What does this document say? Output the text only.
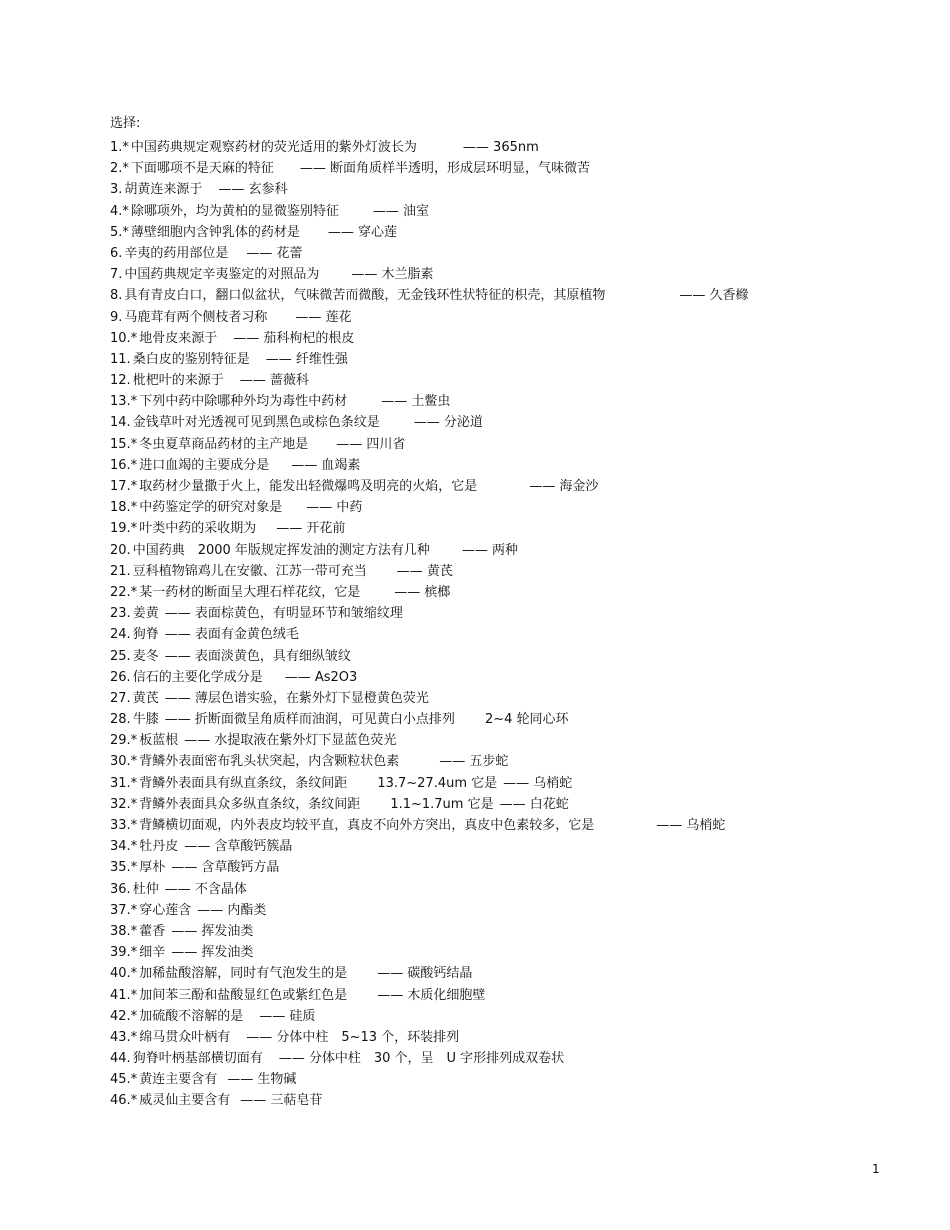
选择:
1.* 中国药典规定观察药材的荧光适用的紫外灯波长为	—— 365nm
2.* 下面哪项不是天麻的特征 —— 断面角质样半透明，形成层环明显，气味微苦
3. 胡黄连来源于 —— 玄参科
4.* 除哪项外，均为黄柏的显微鉴别特征	—— 油室
5.* 薄壁细胞内含钟乳体的药材是 —— 穿心莲
6. 辛夷的药用部位是 —— 花蕾
7. 中国药典规定辛夷鉴定的对照品为 —— 木兰脂素
8. 具有青皮白口，翻口似盆状，气味微苦而微酸，无金钱环性状特征的枳壳，其原植物	—— 久香橼
9. 马鹿茸有两个侧枝者习称 —— 莲花
10.* 地骨皮来源于 —— 茄科枸杞的根皮
11. 桑白皮的鉴别特征是 —— 纤维性强
12. 枇杷叶的来源于 —— 蔷薇科
13.* 下列中药中除哪种外均为毒性中药材	—— 土鳖虫
14. 金钱草叶对光透视可见到黑色或棕色条纹是	—— 分泌道
15.* 冬虫夏草商品药材的主产地是 —— 四川省
16.* 进口血竭的主要成分是 —— 血竭素
17.* 取药材少量撒于火上，能发出轻微爆鸣及明亮的火焰，它是	—— 海金沙
18.* 中药鉴定学的研究对象是 —— 中药
19.* 叶类中药的采收期为 —— 开花前
20. 中国药典　2000 年版规定挥发油的测定方法有几种 —— 两种
21. 豆科植物锦鸡儿在安徽、江苏一带可充当 —— 黄芪
22.* 某一药材的断面呈大理石样花纹，它是	—— 槟榔
23. 姜黄 —— 表面棕黄色，有明显环节和皱缩纹理
24. 狗脊 —— 表面有金黄色绒毛
25. 麦冬 —— 表面淡黄色，具有细纵皱纹
26. 信石的主要化学成分是 —— As2O3
27. 黄芪 —— 薄层色谱实验，在紫外灯下显橙黄色荧光
28. 牛膝 —— 折断面微呈角质样而油润，可见黄白小点排列　　 2~4 轮同心环
29.* 板蓝根 —— 水提取液在紫外灯下显蓝色荧光
30.* 背鳞外表面密布乳头状突起，内含颗粒状色素	—— 五步蛇
31.* 背鳞外表面具有纵直条纹，条纹间距　　 13.7~27.4um 它是 —— 乌梢蛇
32.* 背鳞外表面具众多纵直条纹，条纹间距　　 1.1~1.7um 它是 —— 白花蛇
33.* 背鳞横切面观，内外表皮均较平直，真皮不向外方突出，真皮中色素较多，它是	—— 乌梢蛇
34.* 牡丹皮 —— 含草酸钙簇晶
35.* 厚朴 —— 含草酸钙方晶
36. 杜仲 —— 不含晶体
37.* 穿心莲含 —— 内酯类
38.* 藿香 —— 挥发油类
39.* 细辛 —— 挥发油类
40.* 加稀盐酸溶解，同时有气泡发生的是 —— 碳酸钙结晶
41.* 加间苯三酚和盐酸显红色或紫红色是 —— 木质化细胞壁
42.* 加硫酸不溶解的是 —— 硅质
43.* 绵马贯众叶柄有 —— 分体中柱　5~13 个，环装排列
44. 狗脊叶柄基部横切面有 —— 分体中柱　30 个，呈　U 字形排列成双卷状
45.* 黄连主要含有 —— 生物碱
46.* 威灵仙主要含有 —— 三萜皂苷
1
